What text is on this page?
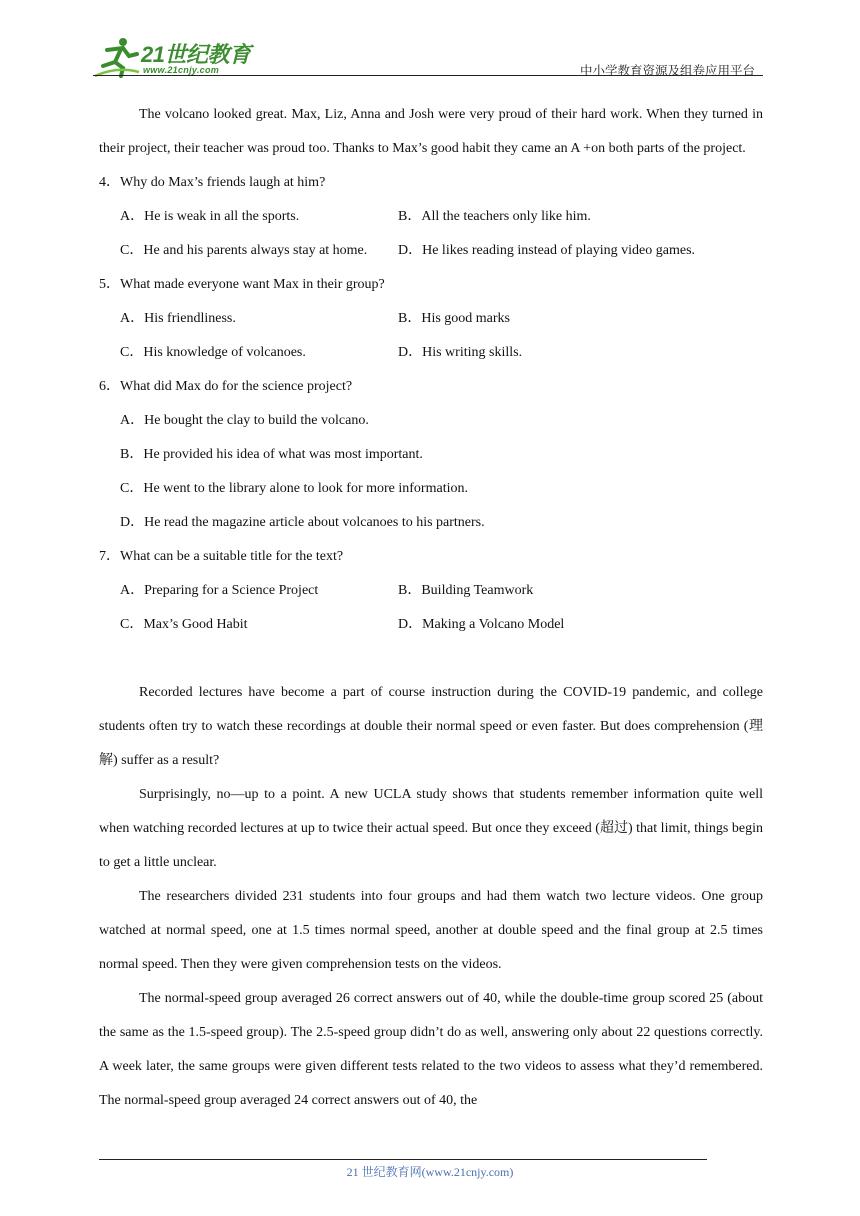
21世纪教育
www.21cnjy.com	中小学教育资源及组卷应用平台

The volcano looked great. Max, Liz, Anna and Josh were very proud of their hard work. When they turned in their project, their teacher was proud too. Thanks to Max’s good habit they came an A +on both parts of the project.

4．Why do Max’s friends laugh at him?

A．He is weak in all the sports.	B．All the teachers only like him.
C．He and his parents always stay at home.	D．He likes reading instead of playing video games.

5．What made everyone want Max in their group?

A．His friendliness.	B．His good marks
C．His knowledge of volcanoes.	D．His writing skills.

6．What did Max do for the science project?

A．He bought the clay to build the volcano.
B．He provided his idea of what was most important.
C．He went to the library alone to look for more information.
D．He read the magazine article about volcanoes to his partners.

7．What can be a suitable title for the text?

A．Preparing for a Science Project	B．Building Teamwork
C．Max’s Good Habit	D．Making a Volcano Model

Recorded lectures have become a part of course instruction during the COVID-19 pandemic, and college students often try to watch these recordings at double their normal speed or even faster. But does comprehension (理解) suffer as a result?

Surprisingly, no—up to a point. A new UCLA study shows that students remember information quite well when watching recorded lectures at up to twice their actual speed. But once they exceed (超过) that limit, things begin to get a little unclear.

The researchers divided 231 students into four groups and had them watch two lecture videos. One group watched at normal speed, one at 1.5 times normal speed, another at double speed and the final group at 2.5 times normal speed. Then they were given comprehension tests on the videos.

The normal-speed group averaged 26 correct answers out of 40, while the double-time group scored 25 (about the same as the 1.5-speed group). The 2.5-speed group didn’t do as well, answering only about 22 questions correctly. A week later, the same groups were given different tests related to the two videos to assess what they’d remembered. The normal-speed group averaged 24 correct answers out of 40, the

21 世纪教育网(www.21cnjy.com)
